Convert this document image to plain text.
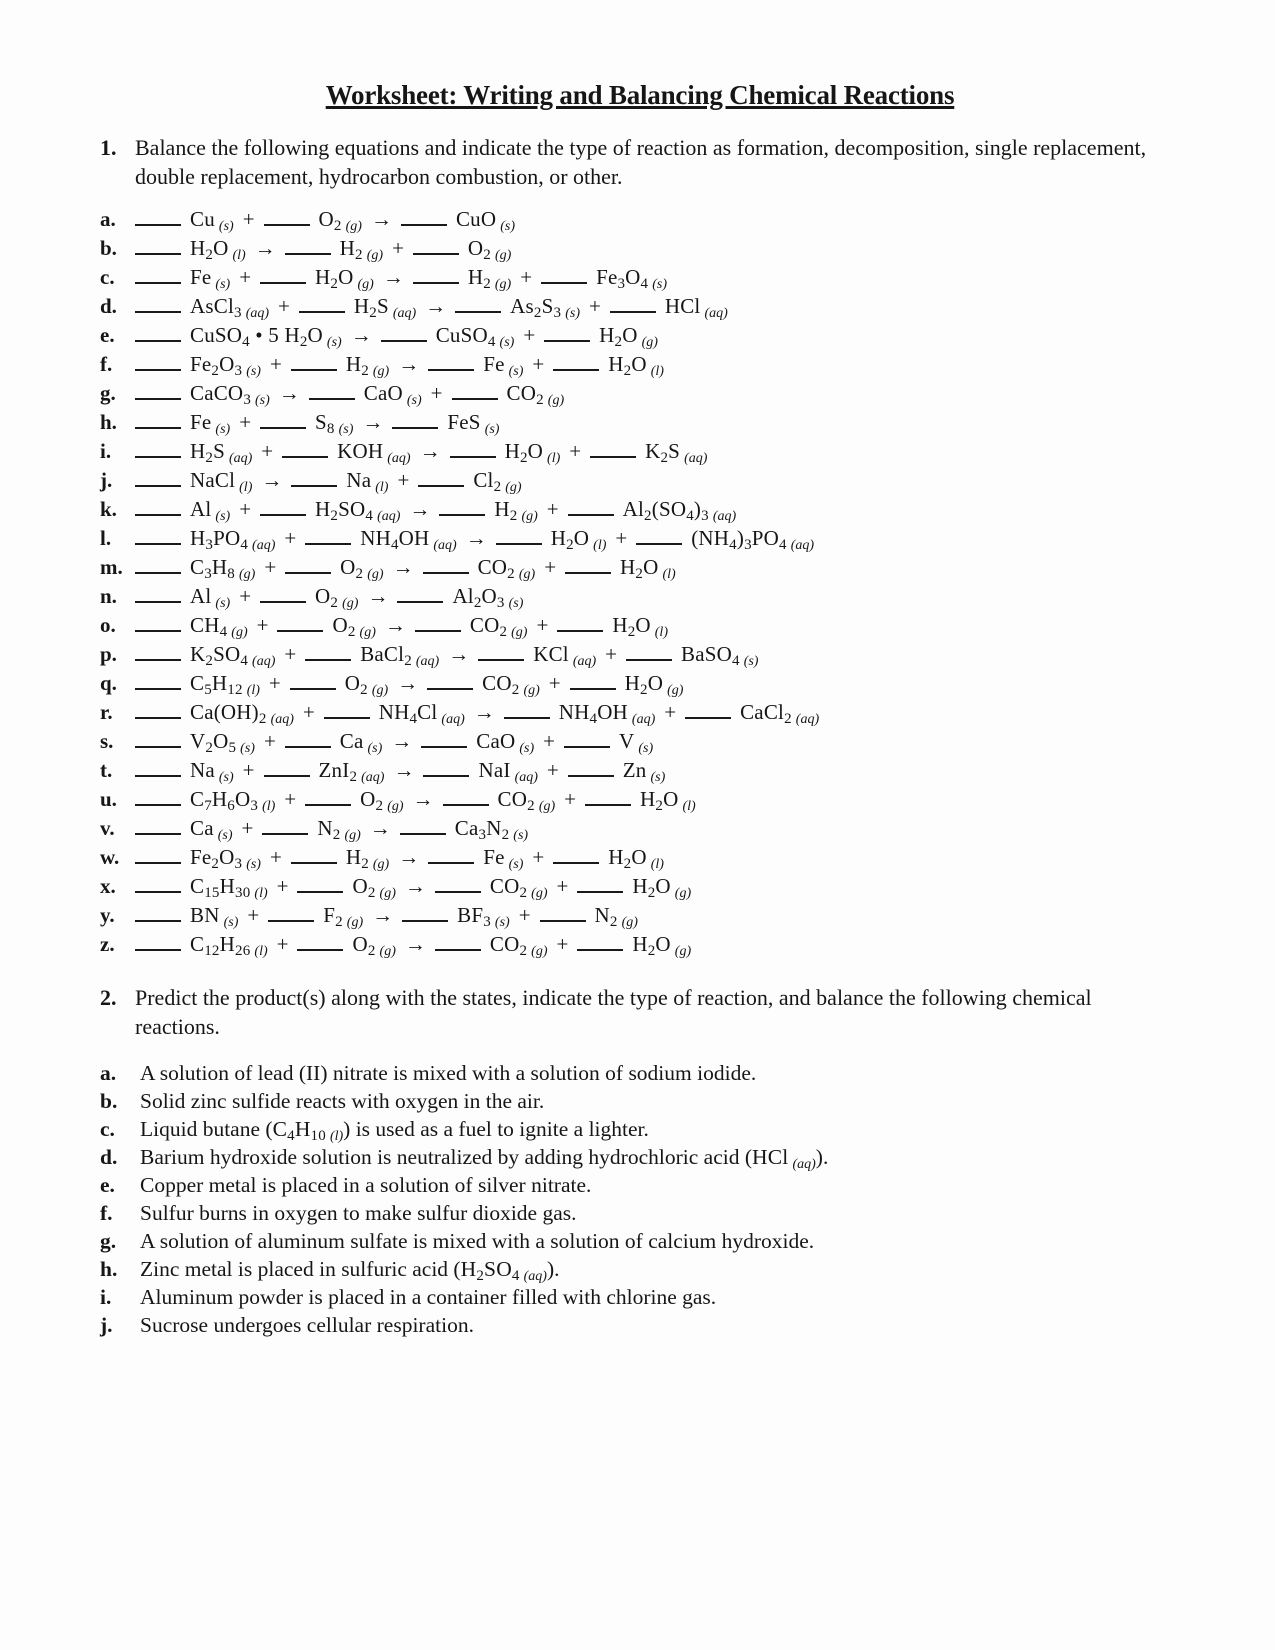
Worksheet: Writing and Balancing Chemical Reactions
1. Balance the following equations and indicate the type of reaction as formation, decomposition, single replacement, double replacement, hydrocarbon combustion, or other.
a.	Cu (s) +	$O_2$ (g) →	CuO (s)
b.	$H_2O$ (l) →	$H_2$ (g) +	$O_2$ (g)
c.	Fe (s) +	$H_2O$ (g) →	$H_2$ (g) +	$Fe_3O_4$ (s)
d.	AsCl$_3$ (aq) +	$H_2S$ (aq) →	$As_2S_3$ (s) +	HCl (aq)
e.	CuSO$_4$ • 5 $H_2O$ (s) →	CuSO$_4$ (s) +	$H_2O$ (g)
f.	$Fe_2O_3$ (s) +	$H_2$ (g) →	Fe (s) +	$H_2O$ (l)
g.	CaCO$_3$ (s) →	CaO (s) +	$CO_2$ (g)
h.	Fe (s) +	$S_8$ (s) →	FeS (s)
i.	$H_2S$ (aq) +	KOH (aq) →	$H_2O$ (l) +	$K_2S$ (aq)
j.	NaCl (l) →	Na (l) +	$Cl_2$ (g)
k.	Al (s) +	$H_2SO_4$ (aq) →	$H_2$ (g) +	$Al_2(SO_4)_3$ (aq)
l.	$H_3PO_4$ (aq) +	$NH_4OH$ (aq) →	$H_2O$ (l) +	$(NH_4)_3PO_4$ (aq)
m.	$C_3H_8$ (g) +	$O_2$ (g) →	$CO_2$ (g) +	$H_2O$ (l)
n.	Al (s) +	$O_2$ (g) →	$Al_2O_3$ (s)
o.	$CH_4$ (g) +	$O_2$ (g) →	$CO_2$ (g) +	$H_2O$ (l)
p.	$K_2SO_4$ (aq) +	BaCl$_2$ (aq) →	KCl (aq) +	BaSO$_4$ (s)
q.	$C_5H_{12}$ (l) +	$O_2$ (g) →	$CO_2$ (g) +	$H_2O$ (g)
r.	$Ca(OH)_2$ (aq) +	$NH_4Cl$ (aq) →	$NH_4OH$ (aq) +	CaCl$_2$ (aq)
s.	$V_2O_5$ (s) +	Ca (s) →	CaO (s) +	V (s)
t.	Na (s) +	ZnI$_2$ (aq) →	NaI (aq) +	Zn (s)
u.	$C_7H_6O_3$ (l) +	$O_2$ (g) →	$CO_2$ (g) +	$H_2O$ (l)
v.	Ca (s) +	$N_2$ (g) →	$Ca_3N_2$ (s)
w.	$Fe_2O_3$ (s) +	$H_2$ (g) →	Fe (s) +	$H_2O$ (l)
x.	$C_{15}H_{30}$ (l) +	$O_2$ (g) →	$CO_2$ (g) +	$H_2O$ (g)
y.	BN (s) +	$F_2$ (g) →	$BF_3$ (s) +	$N_2$ (g)
z.	$C_{12}H_{26}$ (l) +	$O_2$ (g) →	$CO_2$ (g) +	$H_2O$ (g)
2. Predict the product(s) along with the states, indicate the type of reaction, and balance the following chemical reactions.
a. A solution of lead (II) nitrate is mixed with a solution of sodium iodide.
b. Solid zinc sulfide reacts with oxygen in the air.
c. Liquid butane ($C_4H_{10}$ (l)) is used as a fuel to ignite a lighter.
d. Barium hydroxide solution is neutralized by adding hydrochloric acid (HCl (aq)).
e. Copper metal is placed in a solution of silver nitrate.
f. Sulfur burns in oxygen to make sulfur dioxide gas.
g. A solution of aluminum sulfate is mixed with a solution of calcium hydroxide.
h. Zinc metal is placed in sulfuric acid ($H_2SO_4$ (aq)).
i. Aluminum powder is placed in a container filled with chlorine gas.
j. Sucrose undergoes cellular respiration.
